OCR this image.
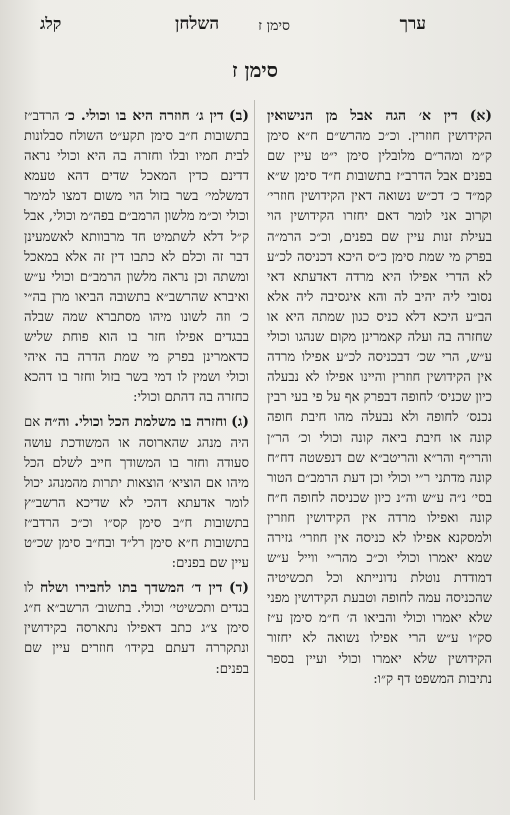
ערך
סימן ז
השלחן
קלג
סימן ז

(א) דין א׳ הגה אבל מן הנישואין הקידושין חוזרין. וכ״כ מהרש״ם ח״א סימן ק״מ ומהר״ם מלובלין סימן י״ט עיין שם בפנים אבל הדרב״ז בתשובות ח״ד סימן ש״א קמ״ד כ׳ דכ״ש נשואה דאין הקידושין חוזרי׳ וקרוב אני לומר דאם יחזרו הקידושין הוי בעילת זנות עיין שם בפנים, וכ״כ הרמ״ה בפרק מי שמת סימן כ״ס היכא דכניסה לכ״ע לא הדרי אפילו היא מרדה דאדעתא דאי נסובי ליה יהיב לה והא איגסיבה ליה אלא הב״ע היכא דלא כניס כגון שמתה היא או שחזרה בה ועלה קאמרינן מקום שנהגו וכולי ע״ש, הרי שכ׳ דבכניסה לכ״ע אפילו מרדה אין הקידושין חוזרין והיינו אפילו לא נבעלה כיון שכניס׳ לחופה דבפרק אף על פי בעי רבין נכנס׳ לחופה ולא נבעלה מהו חיבת חופה קונה או חיבת ביאה קונה וכולי וכ׳ הר״ן והרי״ף והר״א והריטב״א שם דנפשטה דח״ח קונה מדתני ר״י וכולי וכן דעת הרמב״ם הטור בסי׳ נ״ה ע״ש וה״נ כיון שכניסה לחופה ח״ח קונה ואפילו מרדה אין הקידושין חוזרין ולמסקנא אפילו לא כניסה אין חוזרי׳ גזירה שמא יאמרו וכולי וכ״כ מהר״י ווייל ע״ש דמודדת נוטלת נדונייתא וכל תכשיטיה שהכניסה עמה לחופה וטבעת הקידושין מפני שלא יאמרו וכולי והביאו ה׳ ח״מ סימן ע״ז סק״ו ע״ש הרי אפילו נשואה לא יחזור הקידושין שלא יאמרו וכולי ועיין בספר נתיבות המשפט דף ק״ו:

(ב) דין ג׳ חוזרה היא בו וכולי. כ׳ הרדב״ז בתשובות ח״ב סימן תקע״ט השולח סבלונות לבית חמיו ובלו וחזרה בה היא וכולי נראה דדינם כדין המאכל שדים דהא טעמא דמשלמי׳ בשר בזול הוי משום דמצו למימר וכולי וכ״מ מלשון הרמב״ם בפה״מ וכולי, אבל ק״ל דלא לשתמיט חד מרבוותא לאשמעינן דבר זה וכלם לא כתבו דין זה אלא במאכל ומשתה וכן נראה מלשון הרמב״ם וכולי ע״ש ואיברא שהרשב״א בתשובה הביאו מרן בה״י כ׳ וזה לשונו מיהו מסתברא שמה שבלה בבגדים אפילו חזר בו הוא פוחת שליש כדאמרינן בפרק מי שמת הדרה בה איהי וכולי ושמין לו דמי בשר בזול וחזר בו דהכא כחזרה בה דהתם וכולי:

(ג) וחזרה בו משלמת הכל וכולי. וה״ה אם היה מנהג שהארוסה או המשודכת עושה סעודה וחזר בו המשודך חייב לשלם הכל מיהו אם הוציא׳ הוצאות יתרות מהמנהג יכול לומר אדעתא דהכי לא שדיכא הרשב״ץ בתשובות ח״ב סימן קס״ו וכ״כ הרדב״ז בתשובות ח״א סימן רל״ד ובח״ב סימן שכ״ט עיין שם בפנים:

(ד) דין ד׳ המשדך בתו לחבירו ושלח לו בגדים ותכשיטי׳ וכולי. בתשוב׳ הרשב״א ח״ג סימן צ״ג כתב דאפילו נתארסה בקידושין ונתקררה דעתם בקידו׳ חוזרים עיין שם בפנים:
